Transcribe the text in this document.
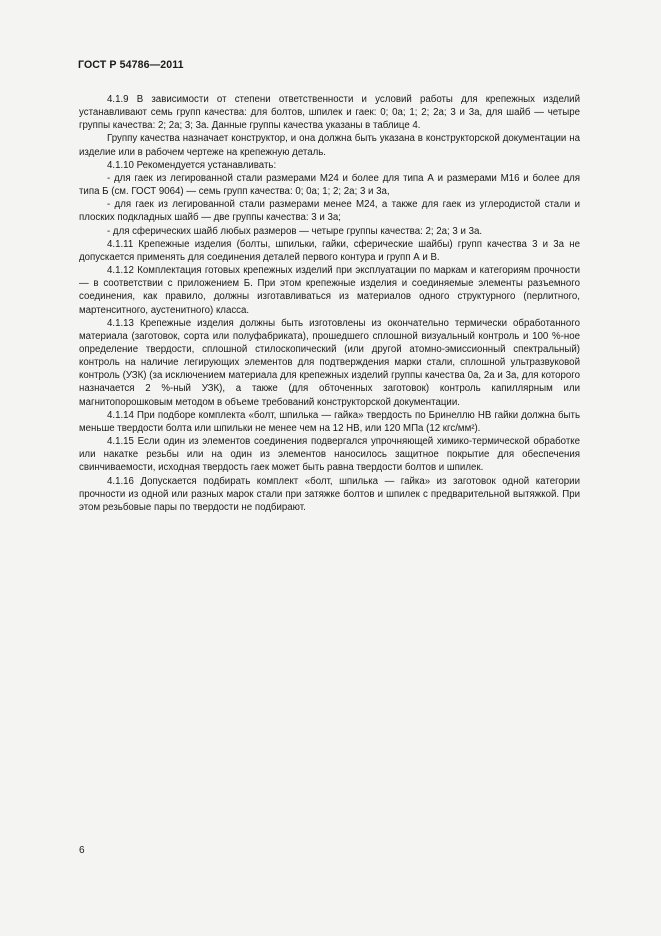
ГОСТ Р 54786—2011

4.1.9 В зависимости от степени ответственности и условий работы для крепежных изделий устанавливают семь групп качества: для болтов, шпилек и гаек: 0; 0а; 1; 2; 2а; 3 и 3а, для шайб — четыре группы качества: 2; 2а; 3; 3а. Данные группы качества указаны в таблице 4.

Группу качества назначает конструктор, и она должна быть указана в конструкторской документации на изделие или в рабочем чертеже на крепежную деталь.

4.1.10 Рекомендуется устанавливать:

- для гаек из легированной стали размерами М24 и более для типа А и размерами М16 и более для типа Б (см. ГОСТ 9064) — семь групп качества: 0; 0а; 1; 2; 2а; 3 и 3а,

- для гаек из легированной стали размерами менее М24, а также для гаек из углеродистой стали и плоских подкладных шайб — две группы качества: 3 и 3а;

- для сферических шайб любых размеров — четыре группы качества: 2; 2а; 3 и 3а.

4.1.11 Крепежные изделия (болты, шпильки, гайки, сферические шайбы) групп качества 3 и 3а не допускается применять для соединения деталей первого контура и групп А и В.

4.1.12 Комплектация готовых крепежных изделий при эксплуатации по маркам и категориям прочности — в соответствии с приложением Б. При этом крепежные изделия и соединяемые элементы разъемного соединения, как правило, должны изготавливаться из материалов одного структурного (перлитного, мартенситного, аустенитного) класса.

4.1.13 Крепежные изделия должны быть изготовлены из окончательно термически обработанного материала (заготовок, сорта или полуфабриката), прошедшего сплошной визуальный контроль и 100 %-ное определение твердости, сплошной стилоскопический (или другой атомно-эмиссионный спектральный) контроль на наличие легирующих элементов для подтверждения марки стали, сплошной ультразвуковой контроль (УЗК) (за исключением материала для крепежных изделий группы качества 0а, 2а и 3а, для которого назначается 2 %-ный УЗК), а также (для обточенных заготовок) контроль капиллярным или магнитопорошковым методом в объеме требований конструкторской документации.

4.1.14 При подборе комплекта «болт, шпилька — гайка» твердость по Бринеллю НВ гайки должна быть меньше твердости болта или шпильки не менее чем на 12 НВ, или 120 МПа (12 кгс/мм²).

4.1.15 Если один из элементов соединения подвергался упрочняющей химико-термической обработке или накатке резьбы или на один из элементов наносилось защитное покрытие для обеспечения свинчиваемости, исходная твердость гаек может быть равна твердости болтов и шпилек.

4.1.16 Допускается подбирать комплект «болт, шпилька — гайка» из заготовок одной категории прочности из одной или разных марок стали при затяжке болтов и шпилек с предварительной вытяжкой. При этом резьбовые пары по твердости не подбирают.

6
